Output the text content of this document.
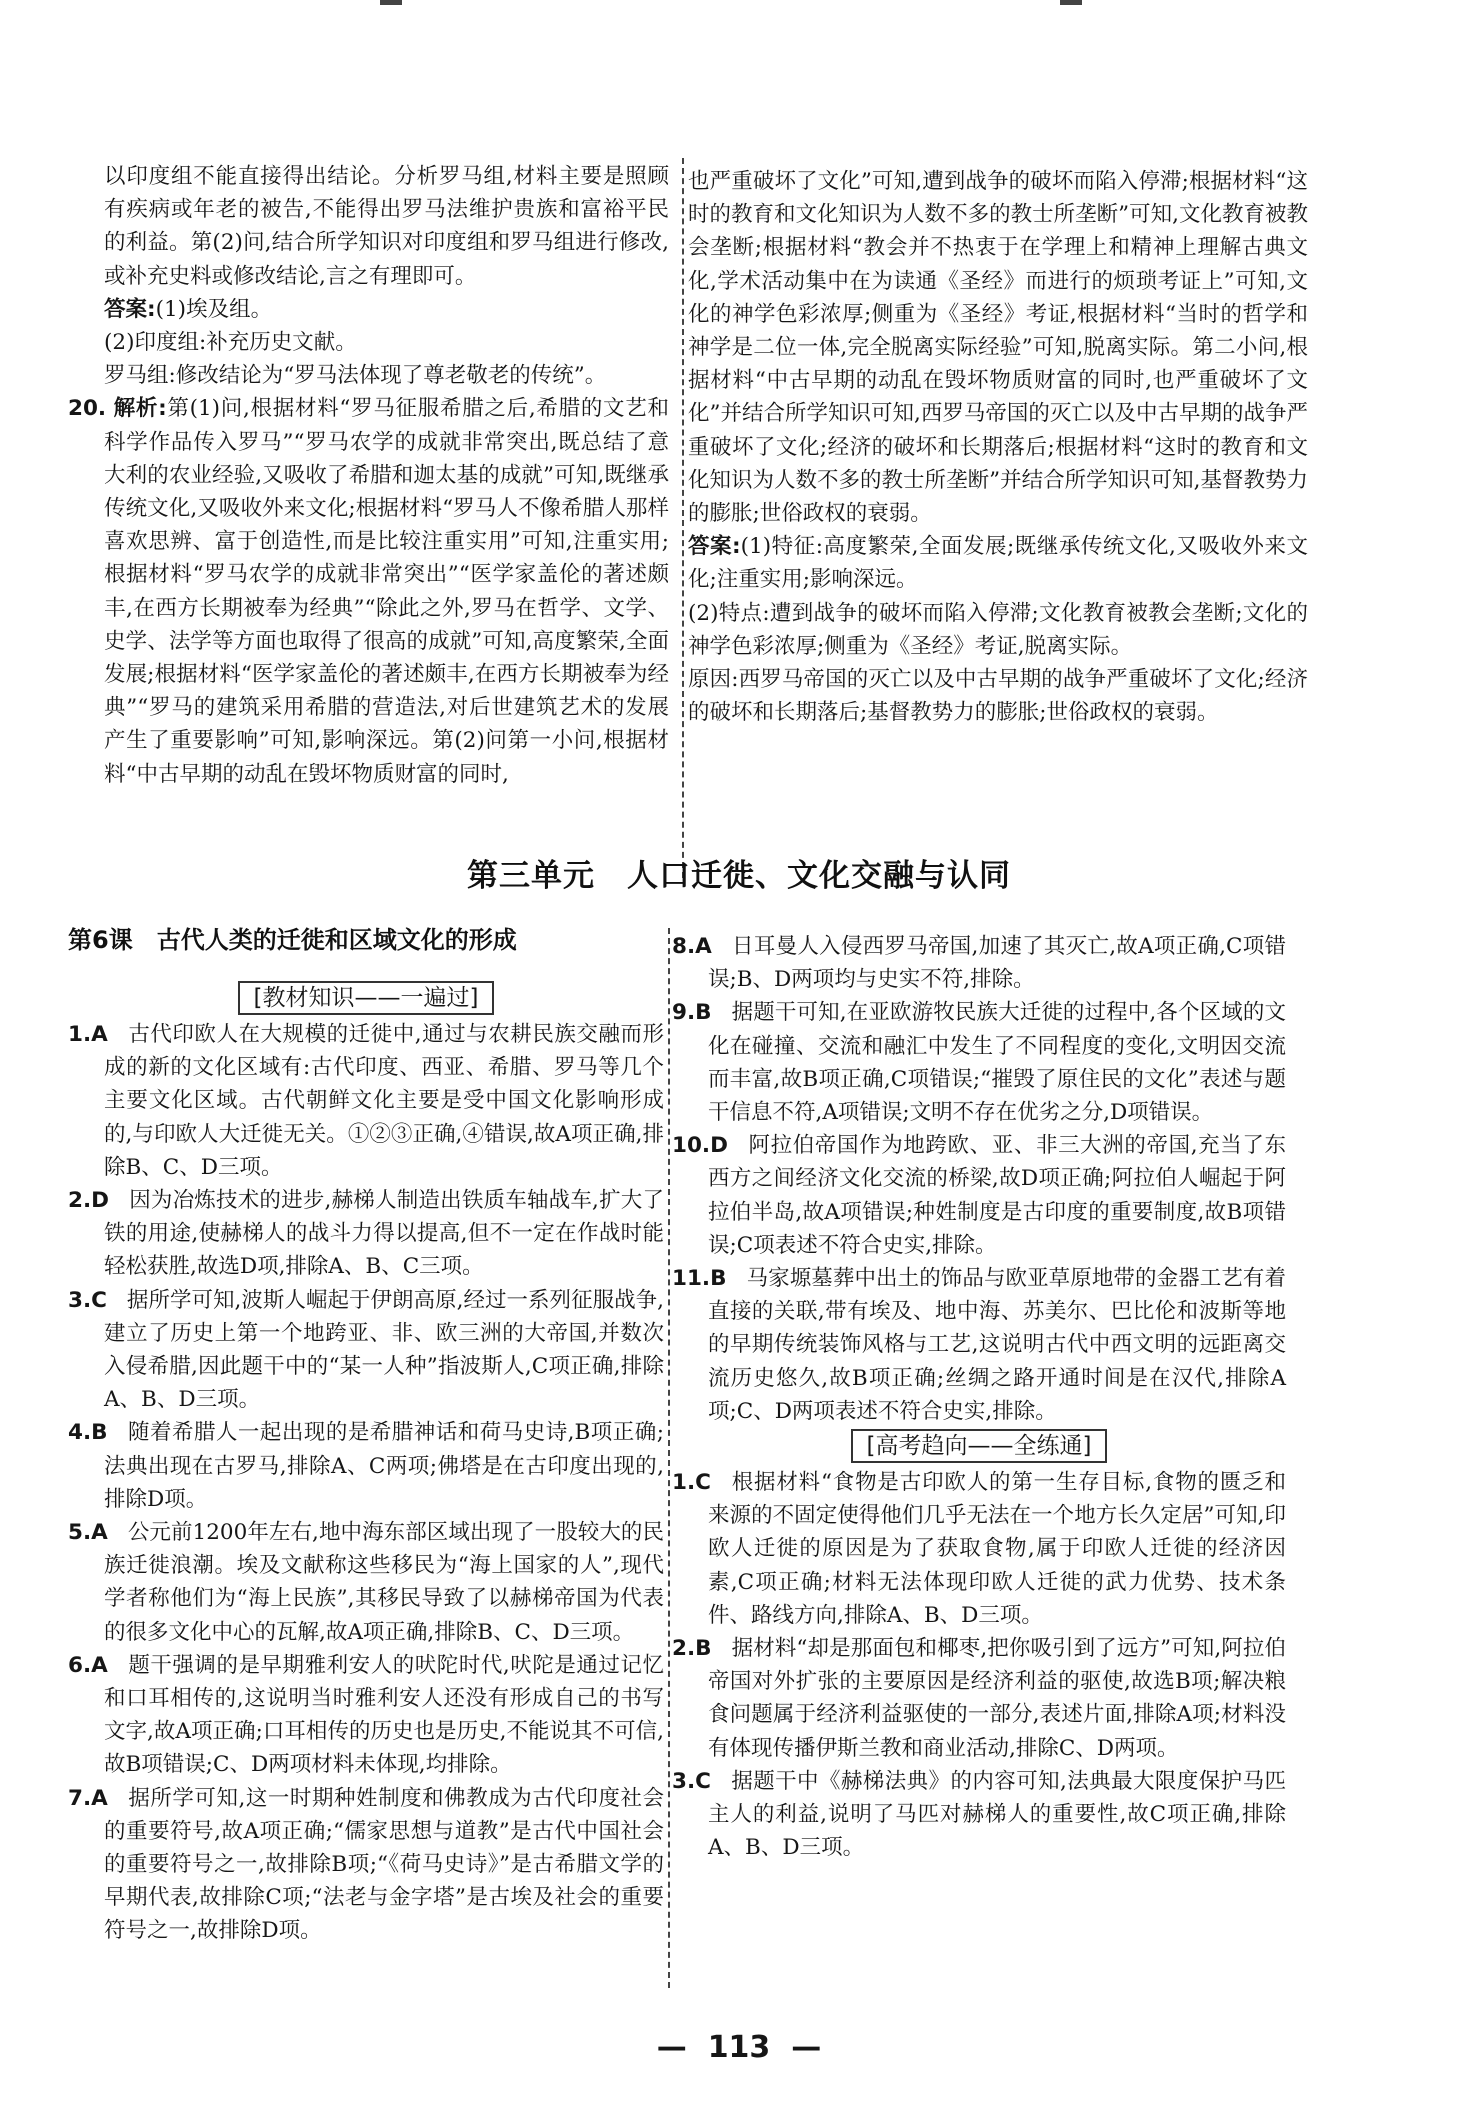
以印度组不能直接得出结论。分析罗马组,材料主要是照顾有疾病或年老的被告,不能得出罗马法维护贵族和富裕平民的利益。第(2)问,结合所学知识对印度组和罗马组进行修改,或补充史料或修改结论,言之有理即可。

答案:(1)埃及组。

(2)印度组:补充历史文献。

罗马组:修改结论为“罗马法体现了尊老敬老的传统”。

20. 解析:第(1)问,根据材料“罗马征服希腊之后,希腊的文艺和科学作品传入罗马”“罗马农学的成就非常突出,既总结了意大利的农业经验,又吸收了希腊和迦太基的成就”可知,既继承传统文化,又吸收外来文化;根据材料“罗马人不像希腊人那样喜欢思辨、富于创造性,而是比较注重实用”可知,注重实用;根据材料“罗马农学的成就非常突出”“医学家盖伦的著述颇丰,在西方长期被奉为经典”“除此之外,罗马在哲学、文学、史学、法学等方面也取得了很高的成就”可知,高度繁荣,全面发展;根据材料“医学家盖伦的著述颇丰,在西方长期被奉为经典”“罗马的建筑采用希腊的营造法,对后世建筑艺术的发展产生了重要影响”可知,影响深远。第(2)问第一小问,根据材料“中古早期的动乱在毁坏物质财富的同时,

也严重破坏了文化”可知,遭到战争的破坏而陷入停滞;根据材料“这时的教育和文化知识为人数不多的教士所垄断”可知,文化教育被教会垄断;根据材料“教会并不热衷于在学理上和精神上理解古典文化,学术活动集中在为读通《圣经》而进行的烦琐考证上”可知,文化的神学色彩浓厚;侧重为《圣经》考证,根据材料“当时的哲学和神学是二位一体,完全脱离实际经验”可知,脱离实际。第二小问,根据材料“中古早期的动乱在毁坏物质财富的同时,也严重破坏了文化”并结合所学知识可知,西罗马帝国的灭亡以及中古早期的战争严重破坏了文化;经济的破坏和长期落后;根据材料“这时的教育和文化知识为人数不多的教士所垄断”并结合所学知识可知,基督教势力的膨胀;世俗政权的衰弱。

答案:(1)特征:高度繁荣,全面发展;既继承传统文化,又吸收外来文化;注重实用;影响深远。

(2)特点:遭到战争的破坏而陷入停滞;文化教育被教会垄断;文化的神学色彩浓厚;侧重为《圣经》考证,脱离实际。

原因:西罗马帝国的灭亡以及中古早期的战争严重破坏了文化;经济的破坏和长期落后;基督教势力的膨胀;世俗政权的衰弱。

第三单元　人口迁徙、文化交融与认同
第6课　古代人类的迁徙和区域文化的形成
[教材知识——一遍过]

1.A 古代印欧人在大规模的迁徙中,通过与农耕民族交融而形成的新的文化区域有:古代印度、西亚、希腊、罗马等几个主要文化区域。古代朝鲜文化主要是受中国文化影响形成的,与印欧人大迁徙无关。①②③正确,④错误,故A项正确,排除B、C、D三项。

2.D 因为冶炼技术的进步,赫梯人制造出铁质车轴战车,扩大了铁的用途,使赫梯人的战斗力得以提高,但不一定在作战时能轻松获胜,故选D项,排除A、B、C三项。

3.C 据所学可知,波斯人崛起于伊朗高原,经过一系列征服战争,建立了历史上第一个地跨亚、非、欧三洲的大帝国,并数次入侵希腊,因此题干中的“某一人种”指波斯人,C项正确,排除A、B、D三项。

4.B 随着希腊人一起出现的是希腊神话和荷马史诗,B项正确;法典出现在古罗马,排除A、C两项;佛塔是在古印度出现的,排除D项。

5.A 公元前1200年左右,地中海东部区域出现了一股较大的民族迁徙浪潮。埃及文献称这些移民为“海上国家的人”,现代学者称他们为“海上民族”,其移民导致了以赫梯帝国为代表的很多文化中心的瓦解,故A项正确,排除B、C、D三项。

6.A 题干强调的是早期雅利安人的吠陀时代,吠陀是通过记忆和口耳相传的,这说明当时雅利安人还没有形成自己的书写文字,故A项正确;口耳相传的历史也是历史,不能说其不可信,故B项错误;C、D两项材料未体现,均排除。

7.A 据所学可知,这一时期种姓制度和佛教成为古代印度社会的重要符号,故A项正确;“儒家思想与道教”是古代中国社会的重要符号之一,故排除B项;“《荷马史诗》”是古希腊文学的早期代表,故排除C项;“法老与金字塔”是古埃及社会的重要符号之一,故排除D项。

8.A 日耳曼人入侵西罗马帝国,加速了其灭亡,故A项正确,C项错误;B、D两项均与史实不符,排除。

9.B 据题干可知,在亚欧游牧民族大迁徙的过程中,各个区域的文化在碰撞、交流和融汇中发生了不同程度的变化,文明因交流而丰富,故B项正确,C项错误;“摧毁了原住民的文化”表述与题干信息不符,A项错误;文明不存在优劣之分,D项错误。

10.D 阿拉伯帝国作为地跨欧、亚、非三大洲的帝国,充当了东西方之间经济文化交流的桥梁,故D项正确;阿拉伯人崛起于阿拉伯半岛,故A项错误;种姓制度是古印度的重要制度,故B项错误;C项表述不符合史实,排除。

11.B 马家塬墓葬中出土的饰品与欧亚草原地带的金器工艺有着直接的关联,带有埃及、地中海、苏美尔、巴比伦和波斯等地的早期传统装饰风格与工艺,这说明古代中西文明的远距离交流历史悠久,故B项正确;丝绸之路开通时间是在汉代,排除A项;C、D两项表述不符合史实,排除。

[高考趋向——全练通]

1.C 根据材料“食物是古印欧人的第一生存目标,食物的匮乏和来源的不固定使得他们几乎无法在一个地方长久定居”可知,印欧人迁徙的原因是为了获取食物,属于印欧人迁徙的经济因素,C项正确;材料无法体现印欧人迁徙的武力优势、技术条件、路线方向,排除A、B、D三项。

2.B 据材料“却是那面包和椰枣,把你吸引到了远方”可知,阿拉伯帝国对外扩张的主要原因是经济利益的驱使,故选B项;解决粮食问题属于经济利益驱使的一部分,表述片面,排除A项;材料没有体现传播伊斯兰教和商业活动,排除C、D两项。

3.C 据题干中《赫梯法典》的内容可知,法典最大限度保护马匹主人的利益,说明了马匹对赫梯人的重要性,故C项正确,排除A、B、D三项。

—  113  —
